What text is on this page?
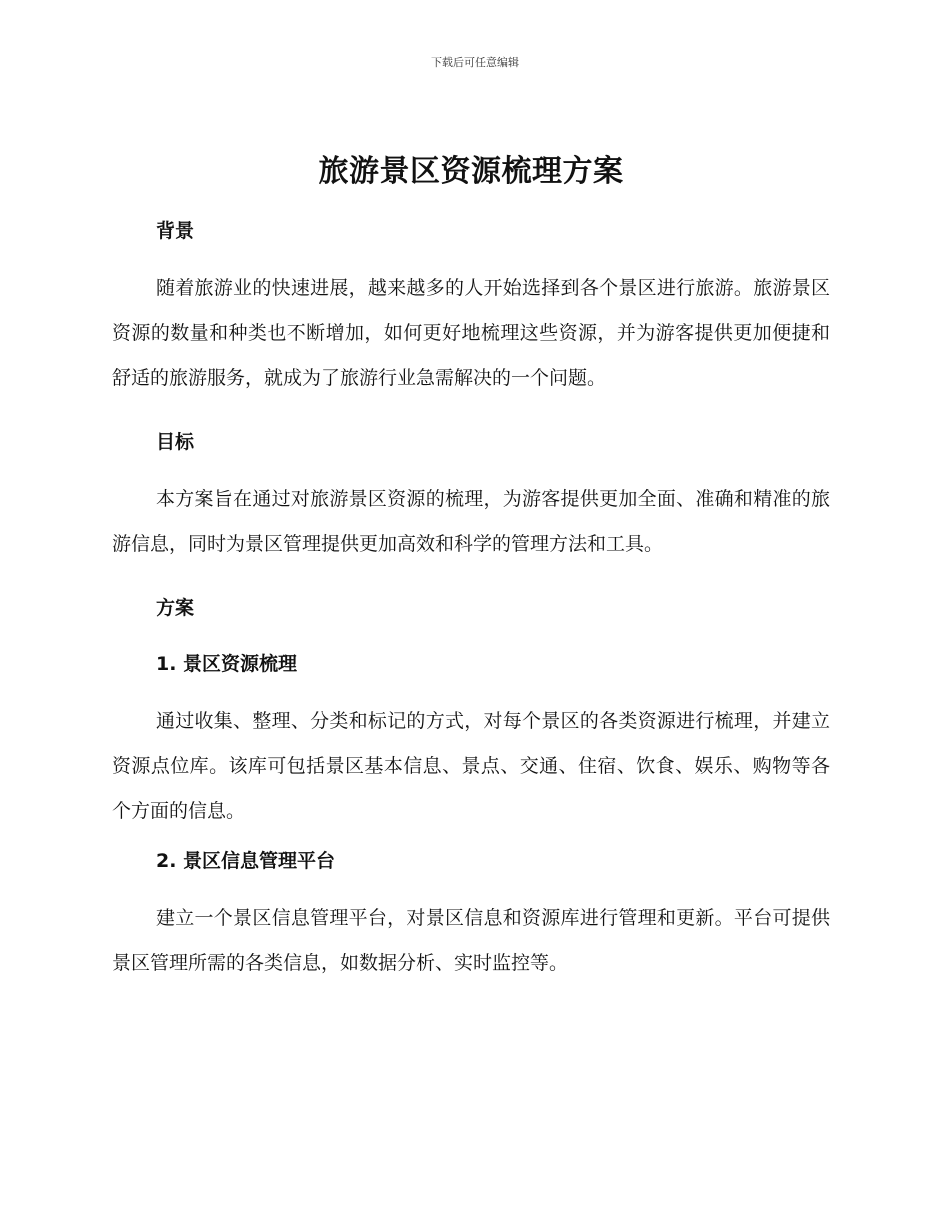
下载后可任意编辑
旅游景区资源梳理方案
背景

随着旅游业的快速进展，越来越多的人开始选择到各个景区进行旅游。旅游景区资源的数量和种类也不断增加，如何更好地梳理这些资源，并为游客提供更加便捷和舒适的旅游服务，就成为了旅游行业急需解决的一个问题。

目标

本方案旨在通过对旅游景区资源的梳理，为游客提供更加全面、准确和精准的旅游信息，同时为景区管理提供更加高效和科学的管理方法和工具。

方案
1. 景区资源梳理

通过收集、整理、分类和标记的方式，对每个景区的各类资源进行梳理，并建立资源点位库。该库可包括景区基本信息、景点、交通、住宿、饮食、娱乐、购物等各个方面的信息。

2. 景区信息管理平台

建立一个景区信息管理平台，对景区信息和资源库进行管理和更新。平台可提供景区管理所需的各类信息，如数据分析、实时监控等。
